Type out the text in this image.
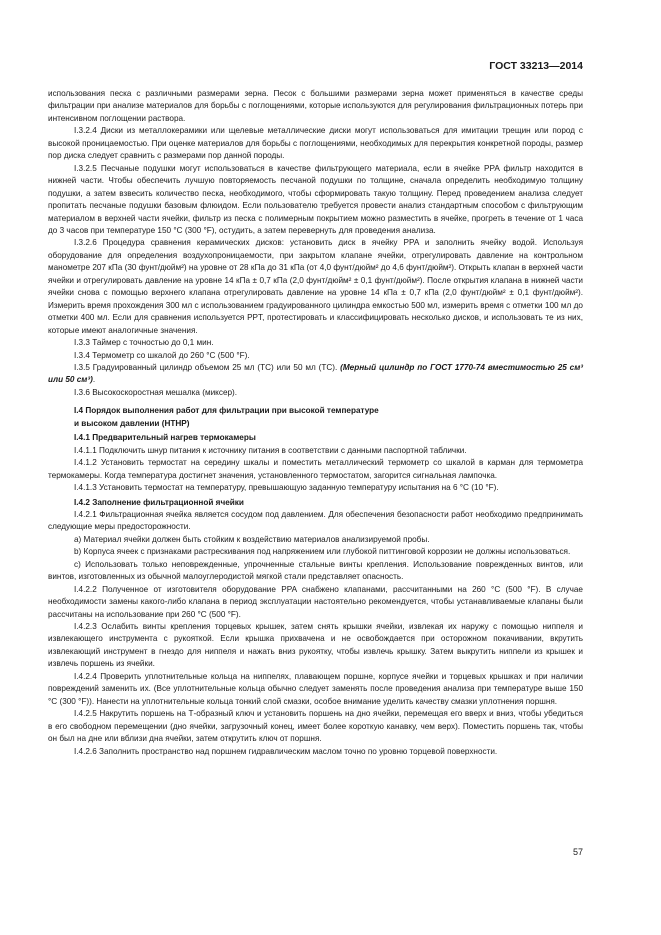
ГОСТ 33213—2014

использования песка с различными размерами зерна. Песок с большими размерами зерна может применяться в качестве среды фильтрации при анализе материалов для борьбы с поглощениями, которые используются для регулирования фильтрационных потерь при интенсивном поглощении раствора.

I.3.2.4 Диски из металлокерамики или щелевые металлические диски могут использоваться для имитации трещин или пород с высокой проницаемостью. При оценке материалов для борьбы с поглощениями, необходимых для перекрытия конкретной породы, размер пор диска следует сравнить с размерами пор данной породы.

I.3.2.5 Песчаные подушки могут использоваться в качестве фильтрующего материала, если в ячейке PPA фильтр находится в нижней части. Чтобы обеспечить лучшую повторяемость песчаной подушки по толщине, сначала определить необходимую толщину подушки, а затем взвесить количество песка, необходимого, чтобы сформировать такую толщину. Перед проведением анализа следует пропитать песчаные подушки базовым флюидом. Если пользователю требуется провести анализ стандартным способом с фильтрующим материалом в верхней части ячейки, фильтр из песка с полимерным покрытием можно разместить в ячейке, прогреть в течение от 1 часа до 3 часов при температуре 150 °С (300 °F), остудить, а затем перевернуть для проведения анализа.

I.3.2.6 Процедура сравнения керамических дисков: установить диск в ячейку PPA и заполнить ячейку водой. Используя оборудование для определения воздухопроницаемости, при закрытом клапане ячейки, отрегулировать давление на контрольном манометре 207 кПа (30 фунт/дюйм²) на уровне от 28 кПа до 31 кПа (от 4,0 фунт/дюйм² до 4,6 фунт/дюйм²). Открыть клапан в верхней части ячейки и отрегулировать давление на уровне 14 кПа ± 0,7 кПа (2,0 фунт/дюйм² ± 0,1 фунт/дюйм²). После открытия клапана в нижней части ячейки снова с помощью верхнего клапана отрегулировать давление на уровне 14 кПа ± 0,7 кПа (2,0 фунт/дюйм² ± 0,1 фунт/дюйм²). Измерить время прохождения 300 мл с использованием градуированного цилиндра емкостью 500 мл, измерить время с отметки 100 мл до отметки 400 мл. Если для сравнения используется PPT, протестировать и классифицировать несколько дисков, и использовать те из них, которые имеют аналогичные значения.

I.3.3 Таймер с точностью до 0,1 мин.

I.3.4 Термометр со шкалой до 260 °С (500 °F).

I.3.5 Градуированный цилиндр объемом 25 мл (ТС) или 50 мл (ТС). (Мерный цилиндр по ГОСТ 1770-74 вместимостью 25 см³ или 50 см³).

I.3.6 Высокоскоростная мешалка (миксер).

I.4 Порядок выполнения работ для фильтрации при высокой температуре
и высоком давлении (HTHP)

I.4.1 Предварительный нагрев термокамеры

I.4.1.1 Подключить шнур питания к источнику питания в соответствии с данными паспортной таблички.

I.4.1.2 Установить термостат на середину шкалы и поместить металлический термометр со шкалой в карман для термометра термокамеры. Когда температура достигнет значения, установленного термостатом, загорится сигнальная лампочка.

I.4.1.3 Установить термостат на температуру, превышающую заданную температуру испытания на 6 °С (10 °F).

I.4.2 Заполнение фильтрационной ячейки

I.4.2.1 Фильтрационная ячейка является сосудом под давлением. Для обеспечения безопасности работ необходимо предпринимать следующие меры предосторожности.

а) Материал ячейки должен быть стойким к воздействию материалов анализируемой пробы.

b) Корпуса ячеек с признаками растрескивания под напряжением или глубокой питтинговой коррозии не должны использоваться.

с) Использовать только неповрежденные, упрочненные стальные винты крепления. Использование поврежденных винтов, или винтов, изготовленных из обычной малоуглеродистой мягкой стали представляет опасность.

I.4.2.2 Полученное от изготовителя оборудование PPA снабжено клапанами, рассчитанными на 260 °С (500 °F). В случае необходимости замены какого-либо клапана в период эксплуатации настоятельно рекомендуется, чтобы устанавливаемые клапаны были рассчитаны на использование при 260 °С (500 °F).

I.4.2.3 Ослабить винты крепления торцевых крышек, затем снять крышки ячейки, извлекая их наружу с помощью ниппеля и извлекающего инструмента с рукояткой. Если крышка прихвачена и не освобождается при осторожном покачивании, вкрутить извлекающий инструмент в гнездо для ниппеля и нажать вниз рукоятку, чтобы извлечь крышку. Затем выкрутить ниппели из крышек и извлечь поршень из ячейки.

I.4.2.4 Проверить уплотнительные кольца на ниппелях, плавающем поршне, корпусе ячейки и торцевых крышках и при наличии повреждений заменить их. (Все уплотнительные кольца обычно следует заменять после проведения анализа при температуре выше 150 °С (300 °F)). Нанести на уплотнительные кольца тонкий слой смазки, особое внимание уделить качеству смазки уплотнения поршня.

I.4.2.5 Накрутить поршень на Т-образный ключ и установить поршень на дно ячейки, перемещая его вверх и вниз, чтобы убедиться в его свободном перемещении (дно ячейки, загрузочный конец, имеет более короткую канавку, чем верх). Поместить поршень так, чтобы он был на дне или вблизи дна ячейки, затем открутить ключ от поршня.

I.4.2.6 Заполнить пространство над поршнем гидравлическим маслом точно по уровню торцевой поверхности.

57
